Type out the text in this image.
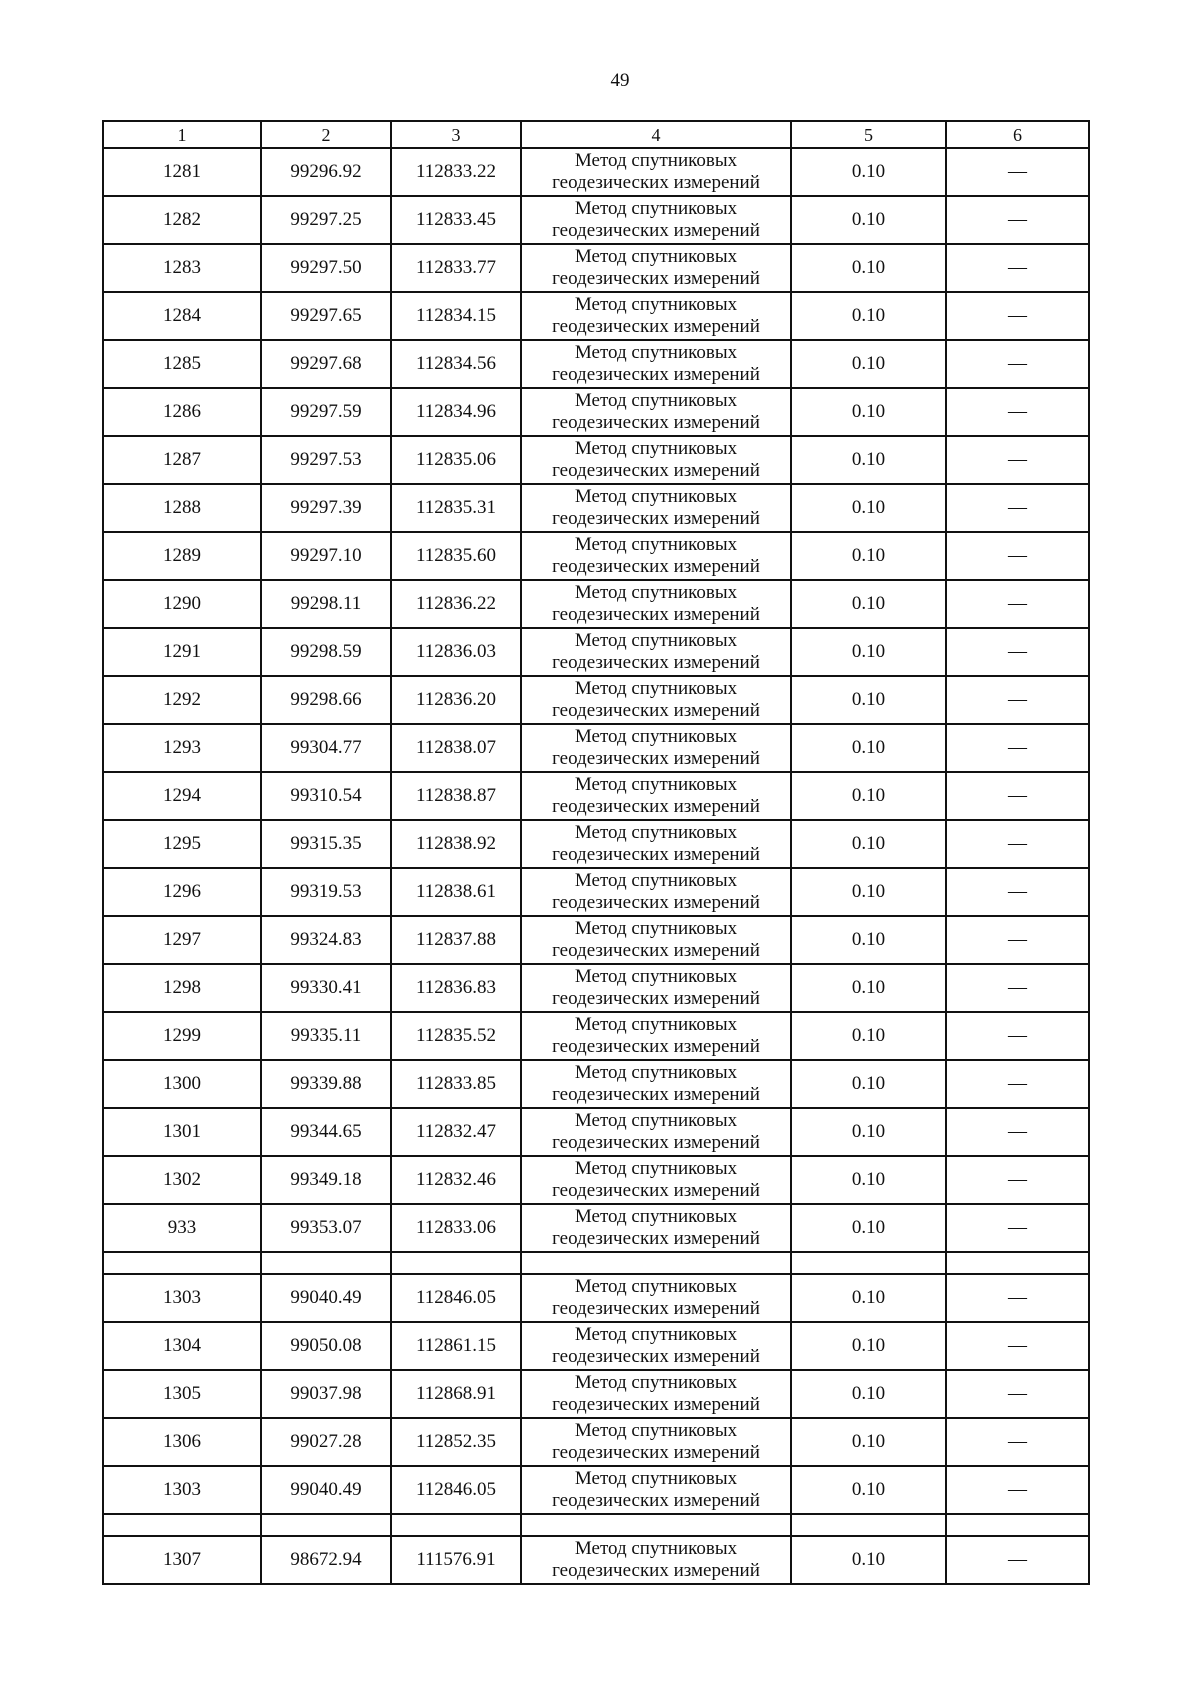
49
1	2	3	4	5	6
1281	99296.92	112833.22	Метод спутниковых геодезических измерений	0.10	—
1282	99297.25	112833.45	Метод спутниковых геодезических измерений	0.10	—
1283	99297.50	112833.77	Метод спутниковых геодезических измерений	0.10	—
1284	99297.65	112834.15	Метод спутниковых геодезических измерений	0.10	—
1285	99297.68	112834.56	Метод спутниковых геодезических измерений	0.10	—
1286	99297.59	112834.96	Метод спутниковых геодезических измерений	0.10	—
1287	99297.53	112835.06	Метод спутниковых геодезических измерений	0.10	—
1288	99297.39	112835.31	Метод спутниковых геодезических измерений	0.10	—
1289	99297.10	112835.60	Метод спутниковых геодезических измерений	0.10	—
1290	99298.11	112836.22	Метод спутниковых геодезических измерений	0.10	—
1291	99298.59	112836.03	Метод спутниковых геодезических измерений	0.10	—
1292	99298.66	112836.20	Метод спутниковых геодезических измерений	0.10	—
1293	99304.77	112838.07	Метод спутниковых геодезических измерений	0.10	—
1294	99310.54	112838.87	Метод спутниковых геодезических измерений	0.10	—
1295	99315.35	112838.92	Метод спутниковых геодезических измерений	0.10	—
1296	99319.53	112838.61	Метод спутниковых геодезических измерений	0.10	—
1297	99324.83	112837.88	Метод спутниковых геодезических измерений	0.10	—
1298	99330.41	112836.83	Метод спутниковых геодезических измерений	0.10	—
1299	99335.11	112835.52	Метод спутниковых геодезических измерений	0.10	—
1300	99339.88	112833.85	Метод спутниковых геодезических измерений	0.10	—
1301	99344.65	112832.47	Метод спутниковых геодезических измерений	0.10	—
1302	99349.18	112832.46	Метод спутниковых геодезических измерений	0.10	—
933	99353.07	112833.06	Метод спутниковых геодезических измерений	0.10	—

1303	99040.49	112846.05	Метод спутниковых геодезических измерений	0.10	—
1304	99050.08	112861.15	Метод спутниковых геодезических измерений	0.10	—
1305	99037.98	112868.91	Метод спутниковых геодезических измерений	0.10	—
1306	99027.28	112852.35	Метод спутниковых геодезических измерений	0.10	—
1303	99040.49	112846.05	Метод спутниковых геодезических измерений	0.10	—

1307	98672.94	111576.91	Метод спутниковых геодезических измерений	0.10	—
